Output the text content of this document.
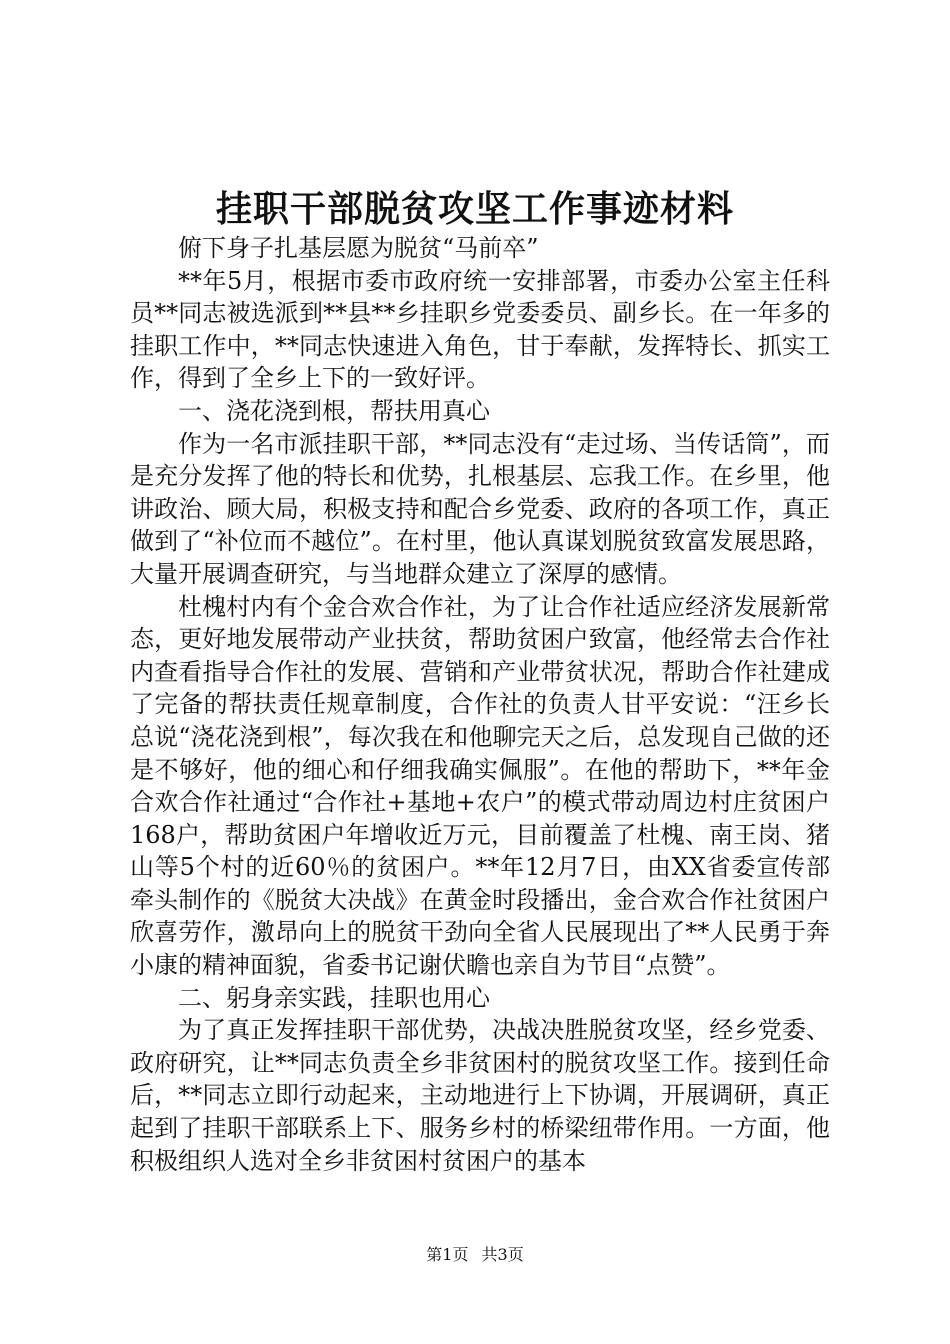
挂职干部脱贫攻坚工作事迹材料

俯下身子扎基层愿为脱贫“马前卒”

**年5月，根据市委市政府统一安排部署，市委办公室主任科员**同志被选派到**县**乡挂职乡党委委员、副乡长。在一年多的挂职工作中，**同志快速进入角色，甘于奉献，发挥特长、抓实工作，得到了全乡上下的一致好评。

一、浇花浇到根，帮扶用真心

作为一名市派挂职干部，**同志没有“走过场、当传话筒”，而是充分发挥了他的特长和优势，扎根基层、忘我工作。在乡里，他讲政治、顾大局，积极支持和配合乡党委、政府的各项工作，真正做到了“补位而不越位”。在村里，他认真谋划脱贫致富发展思路，大量开展调查研究，与当地群众建立了深厚的感情。

杜槐村内有个金合欢合作社，为了让合作社适应经济发展新常态，更好地发展带动产业扶贫，帮助贫困户致富，他经常去合作社内查看指导合作社的发展、营销和产业带贫状况，帮助合作社建成了完备的帮扶责任规章制度，合作社的负责人甘平安说：“汪乡长总说“浇花浇到根”，每次我在和他聊完天之后，总发现自己做的还是不够好，他的细心和仔细我确实佩服”。在他的帮助下，**年金合欢合作社通过“合作社+基地+农户”的模式带动周边村庄贫困户168户，帮助贫困户年增收近万元，目前覆盖了杜槐、南王岗、猪山等5个村的近60％的贫困户。**年12月7日，由XX省委宣传部牵头制作的《脱贫大决战》在黄金时段播出，金合欢合作社贫困户欣喜劳作，激昂向上的脱贫干劲向全省人民展现出了**人民勇于奔小康的精神面貌，省委书记谢伏瞻也亲自为节目“点赞”。

二、躬身亲实践，挂职也用心

为了真正发挥挂职干部优势，决战决胜脱贫攻坚，经乡党委、政府研究，让**同志负责全乡非贫困村的脱贫攻坚工作。接到任命后，**同志立即行动起来，主动地进行上下协调，开展调研，真正起到了挂职干部联系上下、服务乡村的桥梁纽带作用。一方面，他积极组织人选对全乡非贫困村贫困户的基本

第1页 共3页
